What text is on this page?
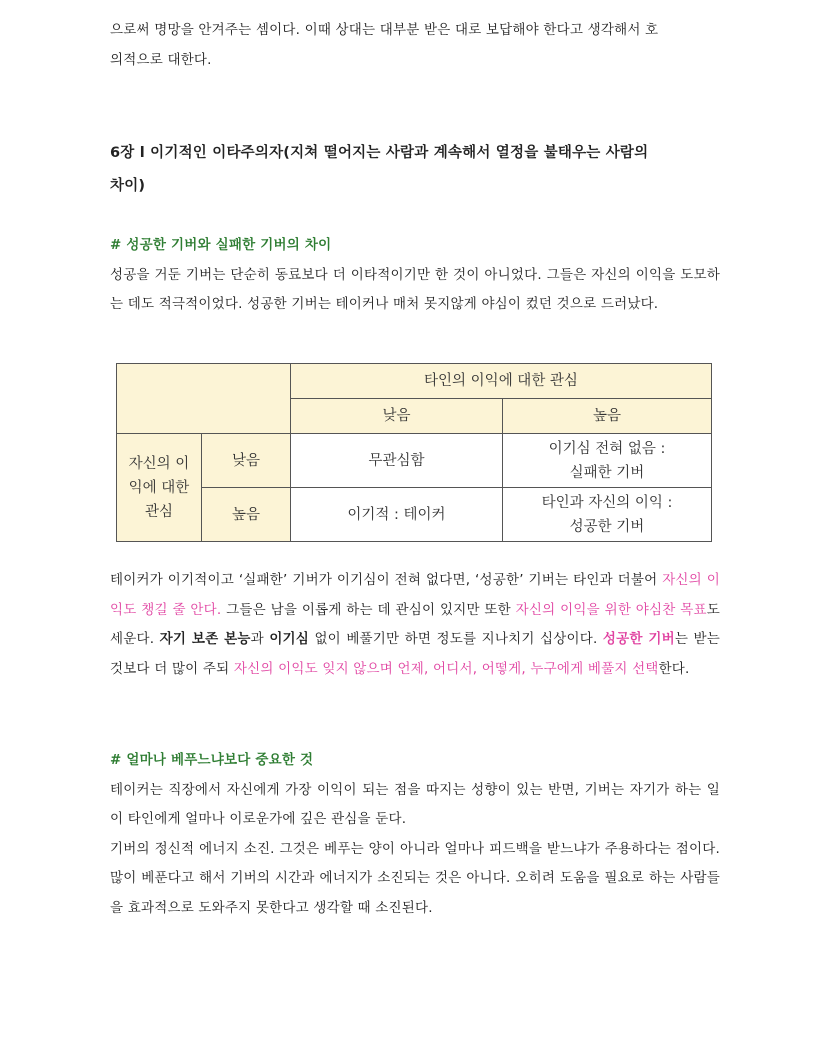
으로써 명망을 안겨주는 셈이다. 이때 상대는 대부분 받은 대로 보답해야 한다고 생각해서 호
의적으로 대한다.
6장 l 이기적인 이타주의자(지쳐 떨어지는 사람과 계속해서 열정을 불태우는 사람의
차이)
# 성공한 기버와 실패한 기버의 차이
성공을 거둔 기버는 단순히 동료보다 더 이타적이기만 한 것이 아니었다. 그들은 자신의 이익을 도모하는 데도 적극적이었다. 성공한 기버는 테이커나 매처 못지않게 야심이 컸던 것으로 드러났다.
		타인의 이익에 대한 관심	
		낮음	높음
자신의 이익에 대한 관심	낮음	무관심함	이기심 전혀 없음 :
실패한 기버

	높음	이기적 : 테이커	타인과 자신의 이익 :
성공한 기버
테이커가 이기적이고 ‘실패한’ 기버가 이기심이 전혀 없다면, ‘성공한’ 기버는 타인과 더불어 자신의 이익도 챙길 줄 안다. 그들은 남을 이롭게 하는 데 관심이 있지만 또한 자신의 이익을 위한 야심찬 목표도 세운다. 자기 보존 본능과 이기심 없이 베풀기만 하면 정도를 지나치기 십상이다. 성공한 기버는 받는 것보다 더 많이 주되 자신의 이익도 잊지 않으며 언제, 어디서, 어떻게, 누구에게 베풀지 선택한다.
# 얼마나 베푸느냐보다 중요한 것
테이커는 직장에서 자신에게 가장 이익이 되는 점을 따지는 성향이 있는 반면, 기버는 자기가 하는 일이 타인에게 얼마나 이로운가에 깊은 관심을 둔다.
기버의 정신적 에너지 소진. 그것은 베푸는 양이 아니라 얼마나 피드백을 받느냐가 주용하다는 점이다. 많이 베푼다고 해서 기버의 시간과 에너지가 소진되는 것은 아니다. 오히려 도움을 필요로 하는 사람들을 효과적으로 도와주지 못한다고 생각할 때 소진된다.
